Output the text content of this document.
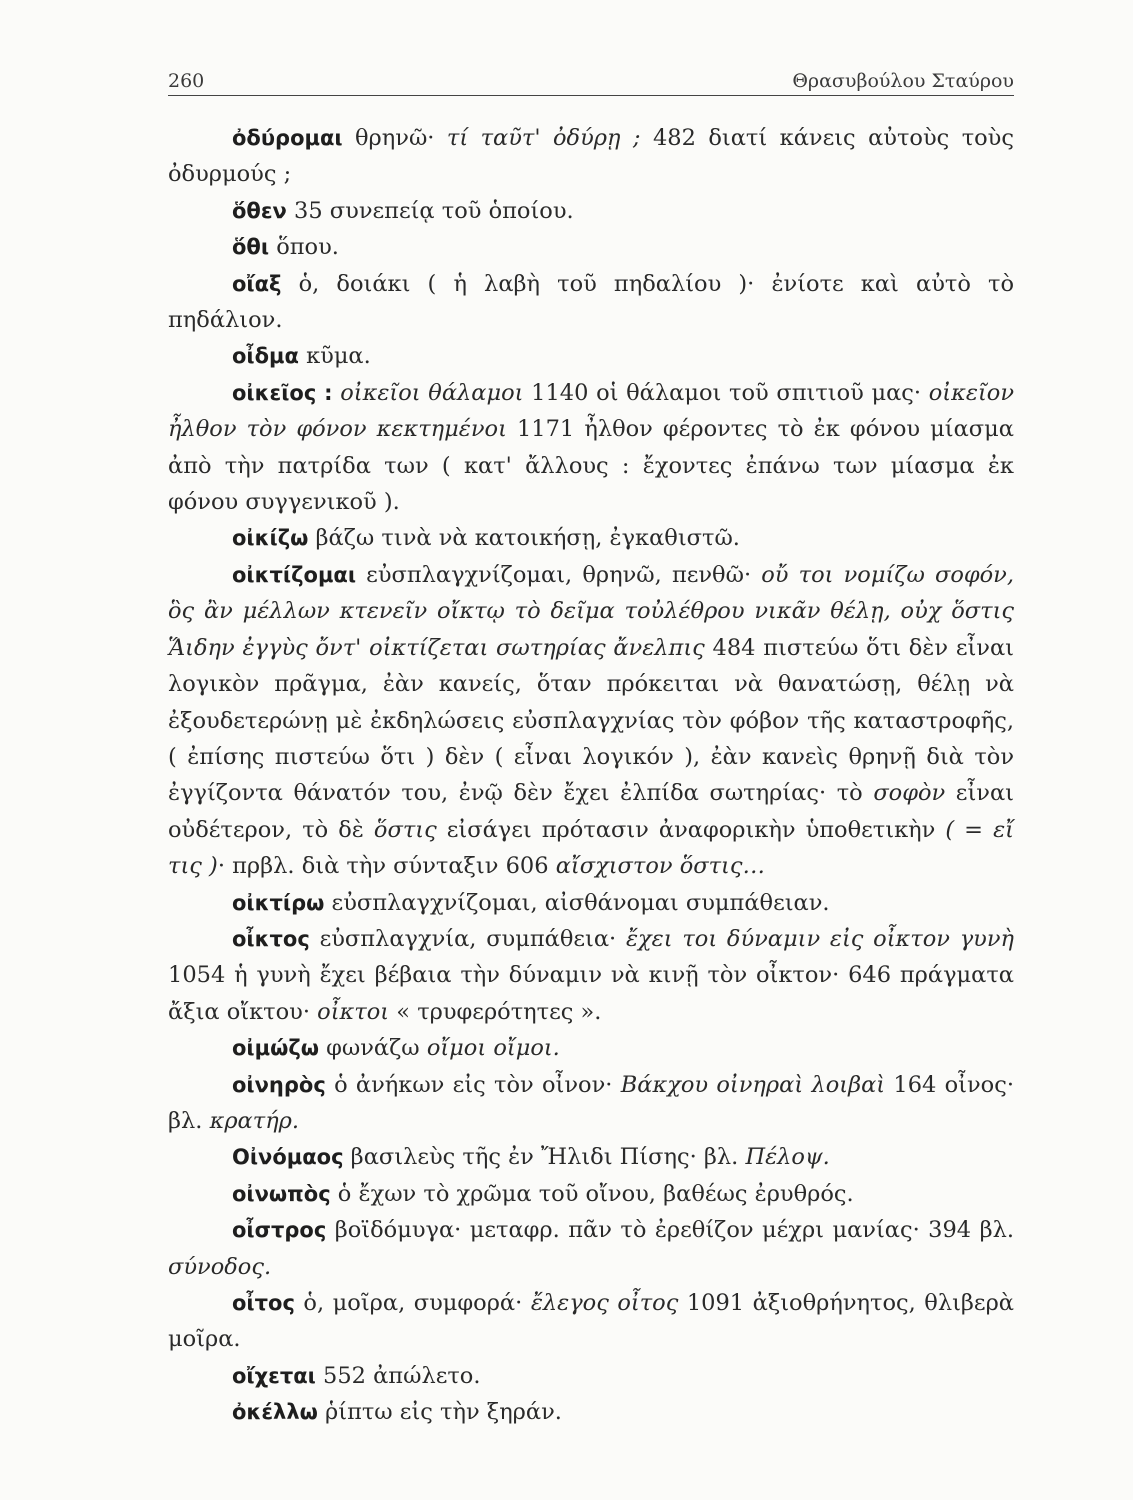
260	Θρασυβούλου Σταύρου

ὀδύρομαι θρηνῶ· τί ταῦτ' ὀδύρῃ ; 482 διατί κάνεις αὐτοὺς τοὺς ὀδυρμούς ;

ὅθεν 35 συνεπείᾳ τοῦ ὁποίου.

ὅθι ὅπου.

οἴαξ ὁ, δοιάκι ( ἡ λαβὴ τοῦ πηδαλίου )· ἐνίοτε καὶ αὐτὸ τὸ πηδάλιον.

οἶδμα κῦμα.

οἰκεῖος : οἰκεῖοι θάλαμοι 1140 οἱ θάλαμοι τοῦ σπιτιοῦ μας· οἰκεῖον ἦλθον τὸν φόνον κεκτημένοι 1171 ἦλθον φέροντες τὸ ἐκ φόνου μίασμα ἀπὸ τὴν πατρίδα των ( κατ' ἄλλους : ἔχοντες ἐπάνω των μίασμα ἐκ φόνου συγγενικοῦ ).

οἰκίζω βάζω τινὰ νὰ κατοικήσῃ, ἐγκαθιστῶ.

οἰκτίζομαι εὐσπλαγχνίζομαι, θρηνῶ, πενθῶ· οὔ τοι νομίζω σοφόν, ὃς ἂν μέλλων κτενεῖν οἴκτῳ τὸ δεῖμα τοὐλέθρου νικᾶν θέλῃ, οὐχ ὅστις Ἅιδην ἐγγὺς ὄντ' οἰκτίζεται σωτηρίας ἄνελπις 484 πιστεύω ὅτι δὲν εἶναι λογικὸν πρᾶγμα, ἐὰν κανείς, ὅταν πρόκειται νὰ θανατώσῃ, θέλῃ νὰ ἐξουδετερώνῃ μὲ ἐκδηλώσεις εὐσπλαγχνίας τὸν φόβον τῆς καταστροφῆς, ( ἐπίσης πιστεύω ὅτι ) δὲν ( εἶναι λογικόν ), ἐὰν κανεὶς θρηνῇ διὰ τὸν ἐγγίζοντα θάνατόν του, ἐνῷ δὲν ἔχει ἐλπίδα σωτηρίας· τὸ σοφὸν εἶναι οὐδέτερον, τὸ δὲ ὅστις εἰσάγει πρότασιν ἀναφορικὴν ὑποθετικὴν ( = εἴ τις )· πρβλ. διὰ τὴν σύνταξιν 606 αἴσχιστον ὅστις…

οἰκτίρω εὐσπλαγχνίζομαι, αἰσθάνομαι συμπάθειαν.

οἶκτος εὐσπλαγχνία, συμπάθεια· ἔχει τοι δύναμιν εἰς οἶκτον γυνὴ 1054 ἡ γυνὴ ἔχει βέβαια τὴν δύναμιν νὰ κινῇ τὸν οἶκτον· 646 πράγματα ἄξια οἴκτου· οἶκτοι « τρυφερότητες ».

οἰμώζω φωνάζω οἴμοι οἴμοι.

οἰνηρὸς ὁ ἀνήκων εἰς τὸν οἶνον· Βάκχου οἰνηραὶ λοιβαὶ 164 οἶνος· βλ. κρατήρ.

Οἰνόμαος βασιλεὺς τῆς ἐν Ἤλιδι Πίσης· βλ. Πέλοψ.

οἰνωπὸς ὁ ἔχων τὸ χρῶμα τοῦ οἴνου, βαθέως ἐρυθρός.

οἶστρος βοϊδόμυγα· μεταφρ. πᾶν τὸ ἐρεθίζον μέχρι μανίας· 394 βλ. σύνοδος.

οἶτος ὁ, μοῖρα, συμφορά· ἔλεγος οἶτος 1091 ἀξιοθρήνητος, θλιβερὰ μοῖρα.

οἴχεται 552 ἀπώλετο.

ὀκέλλω ῥίπτω εἰς τὴν ξηράν.
